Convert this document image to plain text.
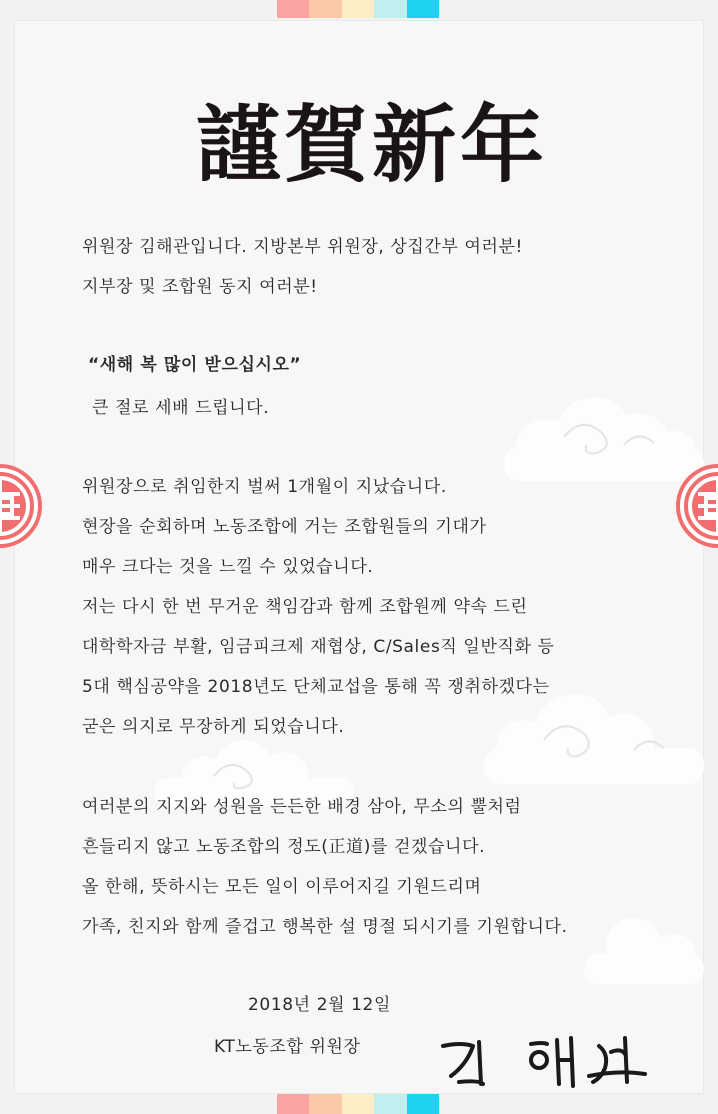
謹賀新年

위원장 김해관입니다. 지방본부 위원장, 상집간부 여러분!

지부장 및 조합원 동지 여러분!

“새해 복 많이 받으십시오”

큰 절로 세배 드립니다.

위원장으로 취임한지 벌써 1개월이 지났습니다.

현장을 순회하며 노동조합에 거는 조합원들의 기대가

매우 크다는 것을 느낄 수 있었습니다.

저는 다시 한 번 무거운 책임감과 함께 조합원께 약속 드린

대학학자금 부활, 임금피크제 재협상, C/Sales직 일반직화 등

5대 핵심공약을 2018년도 단체교섭을 통해 꼭 쟁취하겠다는

굳은 의지로 무장하게 되었습니다.

여러분의 지지와 성원을 든든한 배경 삼아, 무소의 뿔처럼

흔들리지 않고 노동조합의 정도(正道)를 걷겠습니다.

올 한해, 뜻하시는 모든 일이 이루어지길 기원드리며

가족, 친지와 함께 즐겁고 행복한 설 명절 되시기를 기원합니다.

2018년 2월 12일
KT노동조합 위원장
